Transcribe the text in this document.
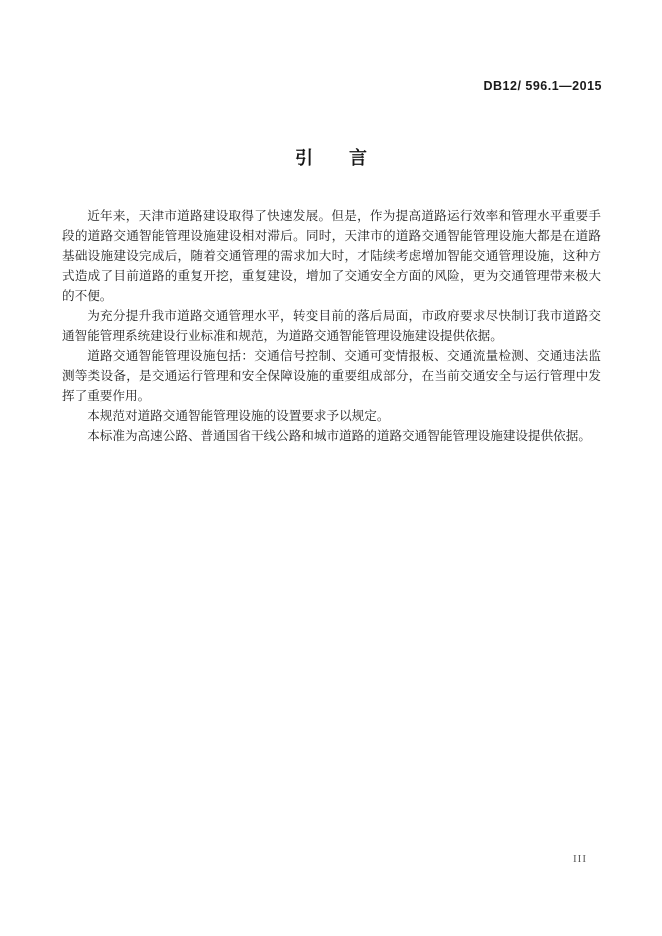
DB12/ 596.1—2015
引　　言

近年来，天津市道路建设取得了快速发展。但是，作为提高道路运行效率和管理水平重要手段的道路交通智能管理设施建设相对滞后。同时，天津市的道路交通智能管理设施大都是在道路基础设施建设完成后，随着交通管理的需求加大时，才陆续考虑增加智能交通管理设施，这种方式造成了目前道路的重复开挖，重复建设，增加了交通安全方面的风险，更为交通管理带来极大的不便。

为充分提升我市道路交通管理水平，转变目前的落后局面，市政府要求尽快制订我市道路交通智能管理系统建设行业标准和规范，为道路交通智能管理设施建设提供依据。

道路交通智能管理设施包括：交通信号控制、交通可变情报板、交通流量检测、交通违法监测等类设备，是交通运行管理和安全保障设施的重要组成部分，在当前交通安全与运行管理中发挥了重要作用。

本规范对道路交通智能管理设施的设置要求予以规定。

本标准为高速公路、普通国省干线公路和城市道路的道路交通智能管理设施建设提供依据。

III
